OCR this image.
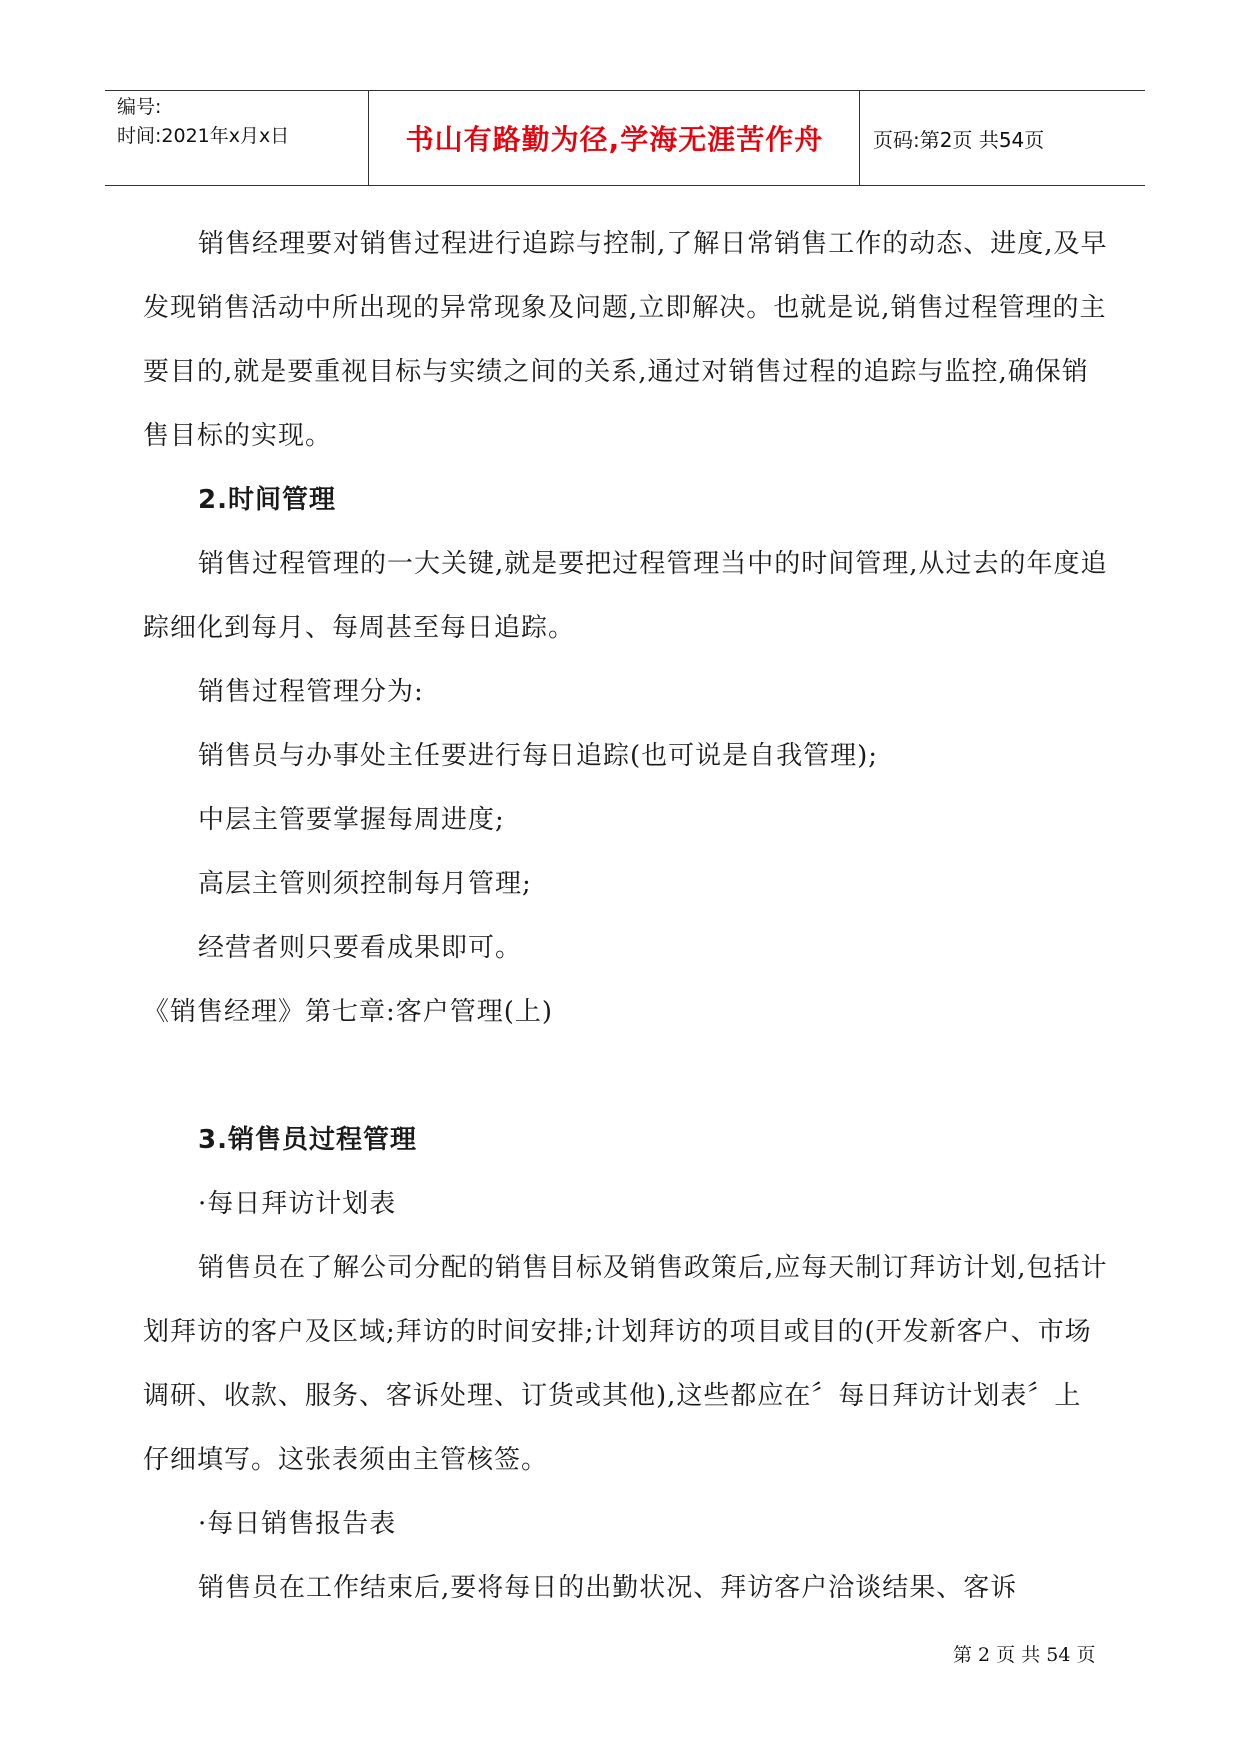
编号:
时间:2021年x月x日	书山有路勤为径,学海无涯苦作舟	页码:第2页 共54页

销售经理要对销售过程进行追踪与控制,了解日常销售工作的动态、进度,及早发现销售活动中所出现的异常现象及问题,立即解决。也就是说,销售过程管理的主要目的,就是要重视目标与实绩之间的关系,通过对销售过程的追踪与监控,确保销售目标的实现。

2.时间管理

销售过程管理的一大关键,就是要把过程管理当中的时间管理,从过去的年度追踪细化到每月、每周甚至每日追踪。

销售过程管理分为:

销售员与办事处主任要进行每日追踪(也可说是自我管理);

中层主管要掌握每周进度;

高层主管则须控制每月管理;

经营者则只要看成果即可。

《销售经理》第七章:客户管理(上)

3.销售员过程管理

·每日拜访计划表

销售员在了解公司分配的销售目标及销售政策后,应每天制订拜访计划,包括计划拜访的客户及区域;拜访的时间安排;计划拜访的项目或目的(开发新客户、市场调研、收款、服务、客诉处理、订货或其他),这些都应在〞每日拜访计划表〞上仔细填写。这张表须由主管核签。

·每日销售报告表

销售员在工作结束后,要将每日的出勤状况、拜访客户洽谈结果、客诉

第 2 页 共 54 页
